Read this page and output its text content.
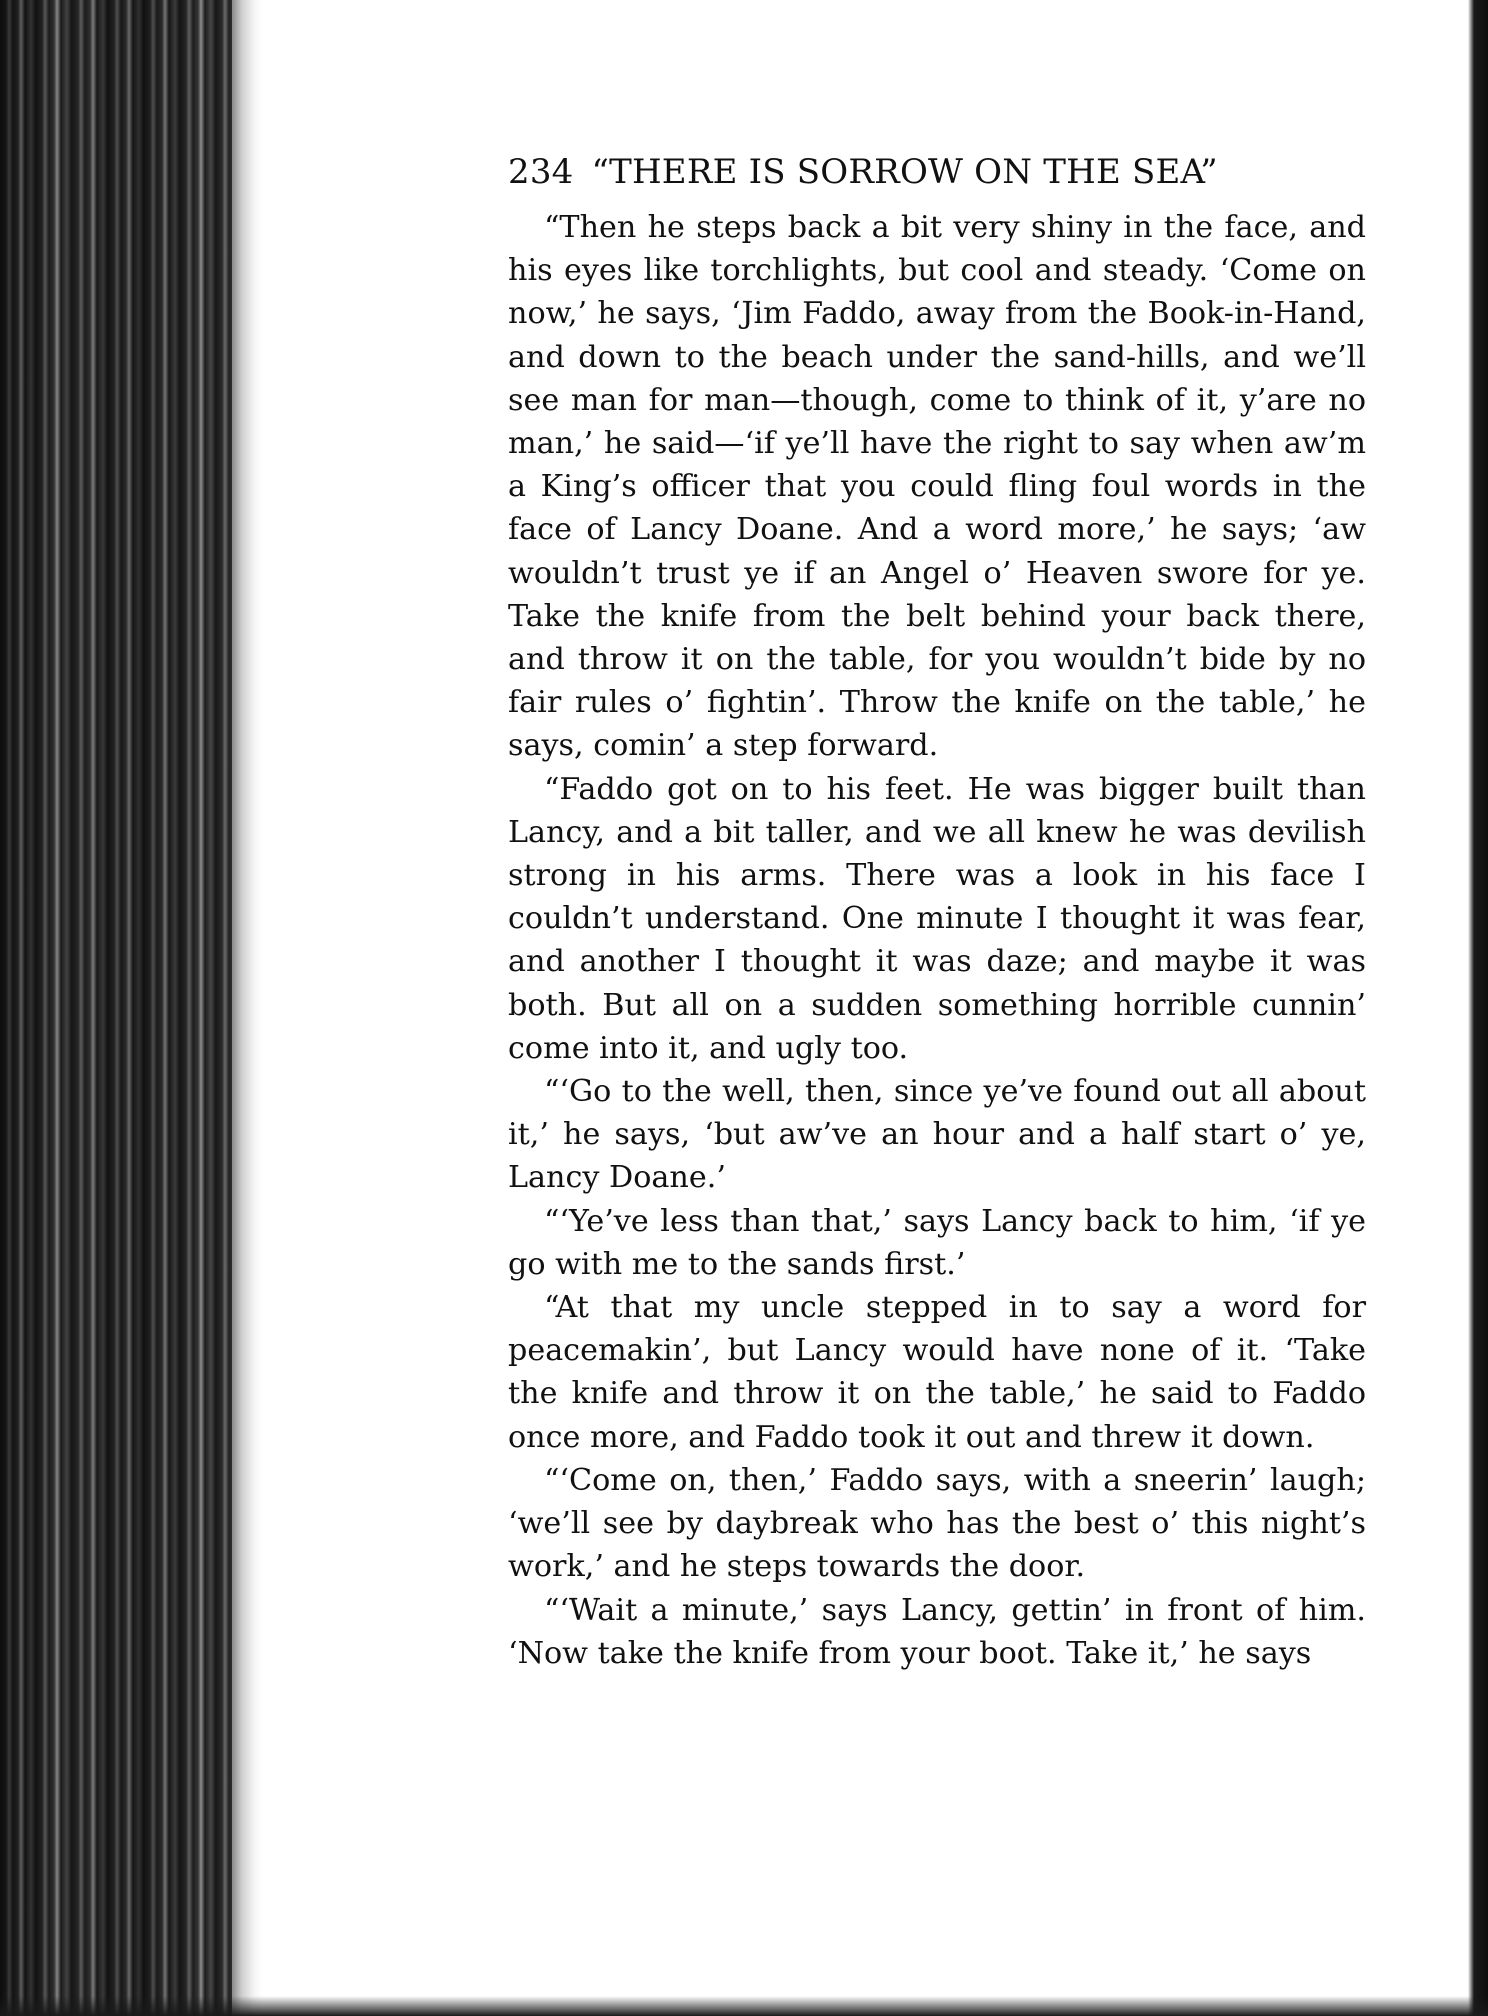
234 “THERE IS SORROW ON THE SEA”

“Then he steps back a bit very shiny in the face, and his eyes like torchlights, but cool and steady. ‘Come on now,’ he says, ‘Jim Faddo, away from the Book-in-Hand, and down to the beach under the sand-hills, and we’ll see man for man—though, come to think of it, y’are no man,’ he said—‘if ye’ll have the right to say when aw’m a King’s officer that you could fling foul words in the face of Lancy Doane. And a word more,’ he says; ‘aw wouldn’t trust ye if an Angel o’ Heaven swore for ye. Take the knife from the belt behind your back there, and throw it on the table, for you wouldn’t bide by no fair rules o’ fightin’. Throw the knife on the table,’ he says, comin’ a step forward.

“Faddo got on to his feet. He was bigger built than Lancy, and a bit taller, and we all knew he was devilish strong in his arms. There was a look in his face I couldn’t understand. One minute I thought it was fear, and another I thought it was daze; and maybe it was both. But all on a sudden something horrible cunnin’ come into it, and ugly too.

“‘Go to the well, then, since ye’ve found out all about it,’ he says, ‘but aw’ve an hour and a half start o’ ye, Lancy Doane.’

“‘Ye’ve less than that,’ says Lancy back to him, ‘if ye go with me to the sands first.’

“At that my uncle stepped in to say a word for peacemakin’, but Lancy would have none of it. ‘Take the knife and throw it on the table,’ he said to Faddo once more, and Faddo took it out and threw it down.

“‘Come on, then,’ Faddo says, with a sneerin’ laugh; ‘we’ll see by daybreak who has the best o’ this night’s work,’ and he steps towards the door.

“‘Wait a minute,’ says Lancy, gettin’ in front of him. ‘Now take the knife from your boot. Take it,’ he says
